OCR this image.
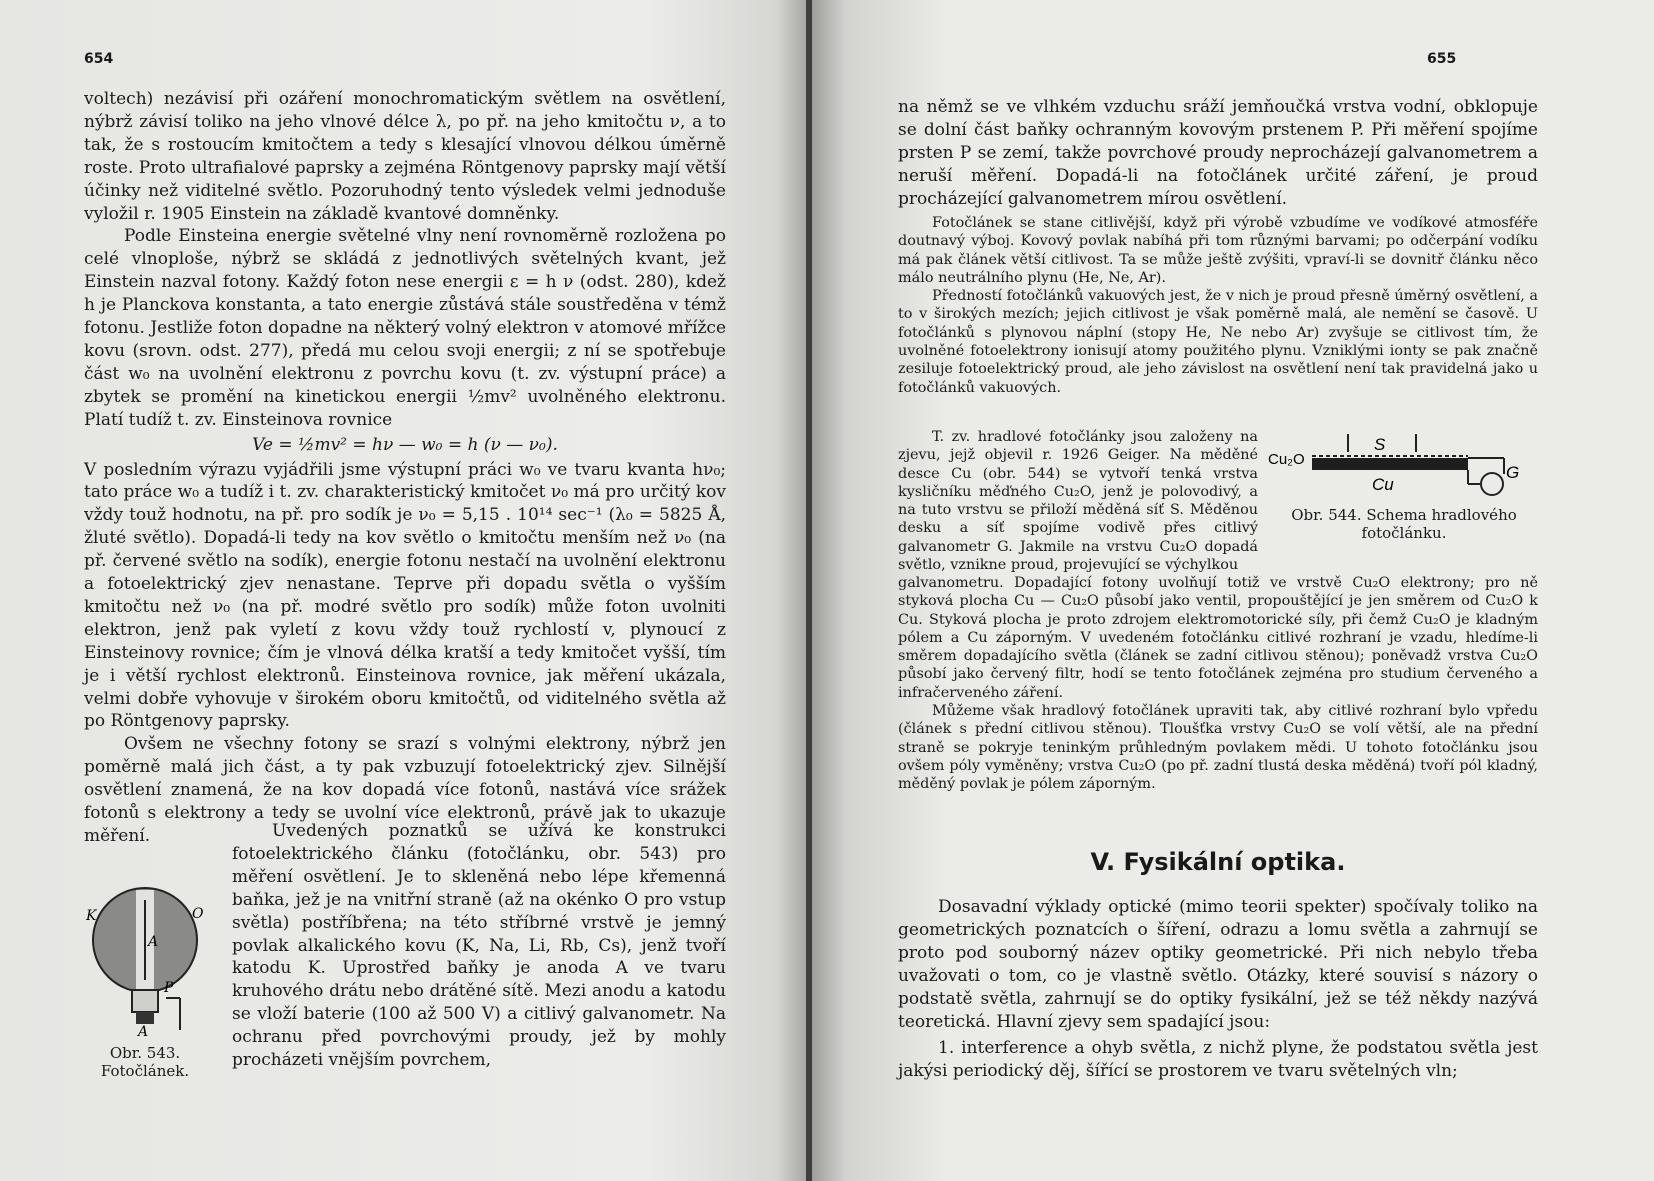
654

voltech) nezávisí při ozáření monochromatickým světlem na osvětlení, nýbrž závisí toliko na jeho vlnové délce λ, po př. na jeho kmitočtu ν, a to tak, že s rostoucím kmitočtem a tedy s klesající vlnovou délkou úměrně roste. Proto ultrafialové paprsky a zejména Röntgenovy paprsky mají větší účinky než viditelné světlo. Pozoruhodný tento výsledek velmi jednoduše vyložil r. 1905 Einstein na základě kvantové domněnky.

Podle Einsteina energie světelné vlny není rovnoměrně rozložena po celé vlnoploše, nýbrž se skládá z jednotlivých světelných kvant, jež Einstein nazval fotony. Každý foton nese energii ε = h ν (odst. 280), kdež h je Planckova konstanta, a tato energie zůstává stále soustředěna v témž fotonu. Jestliže foton dopadne na některý volný elektron v atomové mřížce kovu (srovn. odst. 277), předá mu celou svoji energii; z ní se spotřebuje část w₀ na uvolnění elektronu z povrchu kovu (t. zv. výstupní práce) a zbytek se promění na kinetickou energii ½mv² uvolněného elektronu. Platí tudíž t. zv. Einsteinova rovnice

Ve = ½mv² = hν — w₀ = h (ν — ν₀).

V posledním výrazu vyjádřili jsme výstupní práci w₀ ve tvaru kvanta hν₀; tato práce w₀ a tudíž i t. zv. charakteristický kmitočet ν₀ má pro určitý kov vždy touž hodnotu, na př. pro sodík je ν₀ = 5,15 . 10¹⁴ sec⁻¹ (λ₀ = 5825 Å, žluté světlo). Dopadá-li tedy na kov světlo o kmitočtu menším než ν₀ (na př. červené světlo na sodík), energie fotonu nestačí na uvolnění elektronu a fotoelektrický zjev nenastane. Teprve při dopadu světla o vyšším kmitočtu než ν₀ (na př. modré světlo pro sodík) může foton uvolniti elektron, jenž pak vyletí z kovu vždy touž rychlostí v, plynoucí z Einsteinovy rovnice; čím je vlnová délka kratší a tedy kmitočet vyšší, tím je i větší rychlost elektronů. Einsteinova rovnice, jak měření ukázala, velmi dobře vyhovuje v širokém oboru kmitočtů, od viditelného světla až po Röntgenovy paprsky.

Ovšem ne všechny fotony se srazí s volnými elektrony, nýbrž jen poměrně malá jich část, a ty pak vzbuzují fotoelektrický zjev. Silnější osvětlení znamená, že na kov dopadá více fotonů, nastává více srážek fotonů s elektrony a tedy se uvolní více elektronů, právě jak to ukazuje měření.	Uvedených poznatků se užívá ke konstrukci fotoelektrického článku (fotočlánku, obr. 543) pro měření osvětlení. Je to skleněná nebo lépe křemenná baňka, jež je na vnitřní straně (až na okénko O pro vstup světla) postříbřena; na této stříbrné vrstvě je jemný povlak alkalického kovu (K, Na, Li, Rb, Cs), jenž tvoří katodu K. Uprostřed baňky je anoda A ve tvaru kruhového drátu nebo drátěné sítě. Mezi anodu a katodu se vloží baterie (100 až 500 V) a citlivý galvanometr. Na ochranu před povrchovými proudy, jež by mohly procházeti vnějším povrchem,

K	O
A
P
A
Obr. 543.
Fotočlánek.
655

na němž se ve vlhkém vzduchu sráží jemňoučká vrstva vodní, obklopuje se dolní část baňky ochranným kovovým prstenem P. Při měření spojíme prsten P se zemí, takže povrchové proudy neprocházejí galvanometrem a neruší měření. Dopadá-li na fotočlánek určité záření, je proud procházející galvanometrem mírou osvětlení.

Fotočlánek se stane citlivější, když při výrobě vzbudíme ve vodíkové atmosféře doutnavý výboj. Kovový povlak nabíhá při tom různými barvami; po odčerpání vodíku má pak článek větší citlivost. Ta se může ještě zvýšiti, vpraví-li se dovnitř článku něco málo neutrálního plynu (He, Ne, Ar).

Předností fotočlánků vakuových jest, že v nich je proud přesně úměrný osvětlení, a to v širokých mezích; jejich citlivost je však poměrně malá, ale nemění se časově. U fotočlánků s plynovou náplní (stopy He, Ne nebo Ar) zvyšuje se citlivost tím, že uvolněné fotoelektrony ionisují atomy použitého plynu. Vzniklými ionty se pak značně zesiluje fotoelektrický proud, ale jeho závislost na osvětlení není tak pravidelná jako u fotočlánků vakuových.

T. zv. hradlové fotočlánky jsou založeny na zjevu, jejž objevil r. 1926 Geiger. Na měděné desce Cu (obr. 544) se vytvoří tenká vrstva kysličníku měďného Cu₂O, jenž je polovodivý, a na tuto vrstvu se přiloží měděná síť S. Měděnou desku a síť spojíme vodivě přes citlivý galvanometr G. Jakmile na vrstvu Cu₂O dopadá světlo, vznikne proud, projevující se výchylkou

Cu₂O
S
Cu
G
Obr. 544. Schema hradlového fotočlánku.

galvanometru. Dopadající fotony uvolňují totiž ve vrstvě Cu₂O elektrony; pro ně styková plocha Cu — Cu₂O působí jako ventil, propouštějící je jen směrem od Cu₂O k Cu. Styková plocha je proto zdrojem elektromotorické síly, při čemž Cu₂O je kladným pólem a Cu záporným. V uvedeném fotočlánku citlivé rozhraní je vzadu, hledíme-li směrem dopadajícího světla (článek se zadní citlivou stěnou); poněvadž vrstva Cu₂O působí jako červený filtr, hodí se tento fotočlánek zejména pro studium červeného a infračerveného záření.

Můžeme však hradlový fotočlánek upraviti tak, aby citlivé rozhraní bylo vpředu (článek s přední citlivou stěnou). Tloušťka vrstvy Cu₂O se volí větší, ale na přední straně se pokryje teninkým průhledným povlakem mědi. U tohoto fotočlánku jsou ovšem póly vyměněny; vrstva Cu₂O (po př. zadní tlustá deska měděná) tvoří pól kladný, měděný povlak je pólem záporným.

V. Fysikální optika.

Dosavadní výklady optické (mimo teorii spekter) spočívaly toliko na geometrických poznatcích o šíření, odrazu a lomu světla a zahrnují se proto pod souborný název optiky geometrické. Při nich nebylo třeba uvažovati o tom, co je vlastně světlo. Otázky, které souvisí s názory o podstatě světla, zahrnují se do optiky fysikální, jež se též někdy nazývá teoretická. Hlavní zjevy sem spadající jsou:

1. interference a ohyb světla, z nichž plyne, že podstatou světla jest jakýsi periodický děj, šířící se prostorem ve tvaru světelných vln;
